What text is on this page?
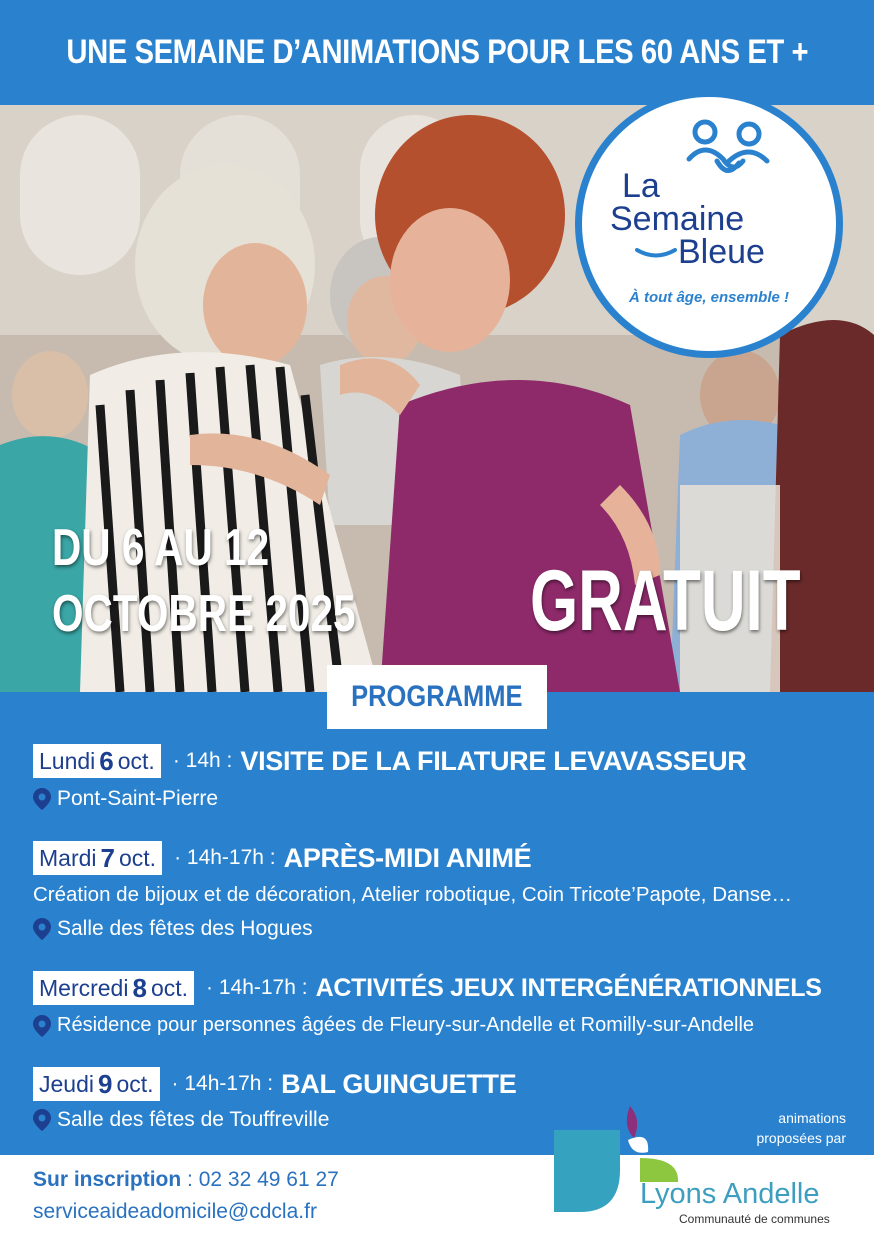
UNE SEMAINE D’ANIMATIONS POUR LES 60 ANS ET +
La
Semaine
Bleue
À tout âge, ensemble !
DU 6 AU 12
OCTOBRE 2025 GRATUIT
PROGRAMME
Lundi 6 oct. · 14h : VISITE DE LA FILATURE LEVAVASSEUR
Pont-Saint-Pierre
Mardi 7 oct. · 14h-17h : APRÈS-MIDI ANIMÉ
Création de bijoux et de décoration, Atelier robotique, Coin Tricote’Papote, Danse…
Salle des fêtes des Hogues
Mercredi 8 oct. · 14h-17h : ACTIVITÉS JEUX INTERGÉNÉRATIONNELS
Résidence pour personnes âgées de Fleury-sur-Andelle et Romilly-sur-Andelle
Jeudi 9 oct. · 14h-17h : BAL GUINGUETTE
Salle des fêtes de Touffreville	animations
proposées par
Sur inscription : 02 32 49 61 27
serviceaideadomicile@cdcla.fr
Lyons Andelle
Communauté de communes
